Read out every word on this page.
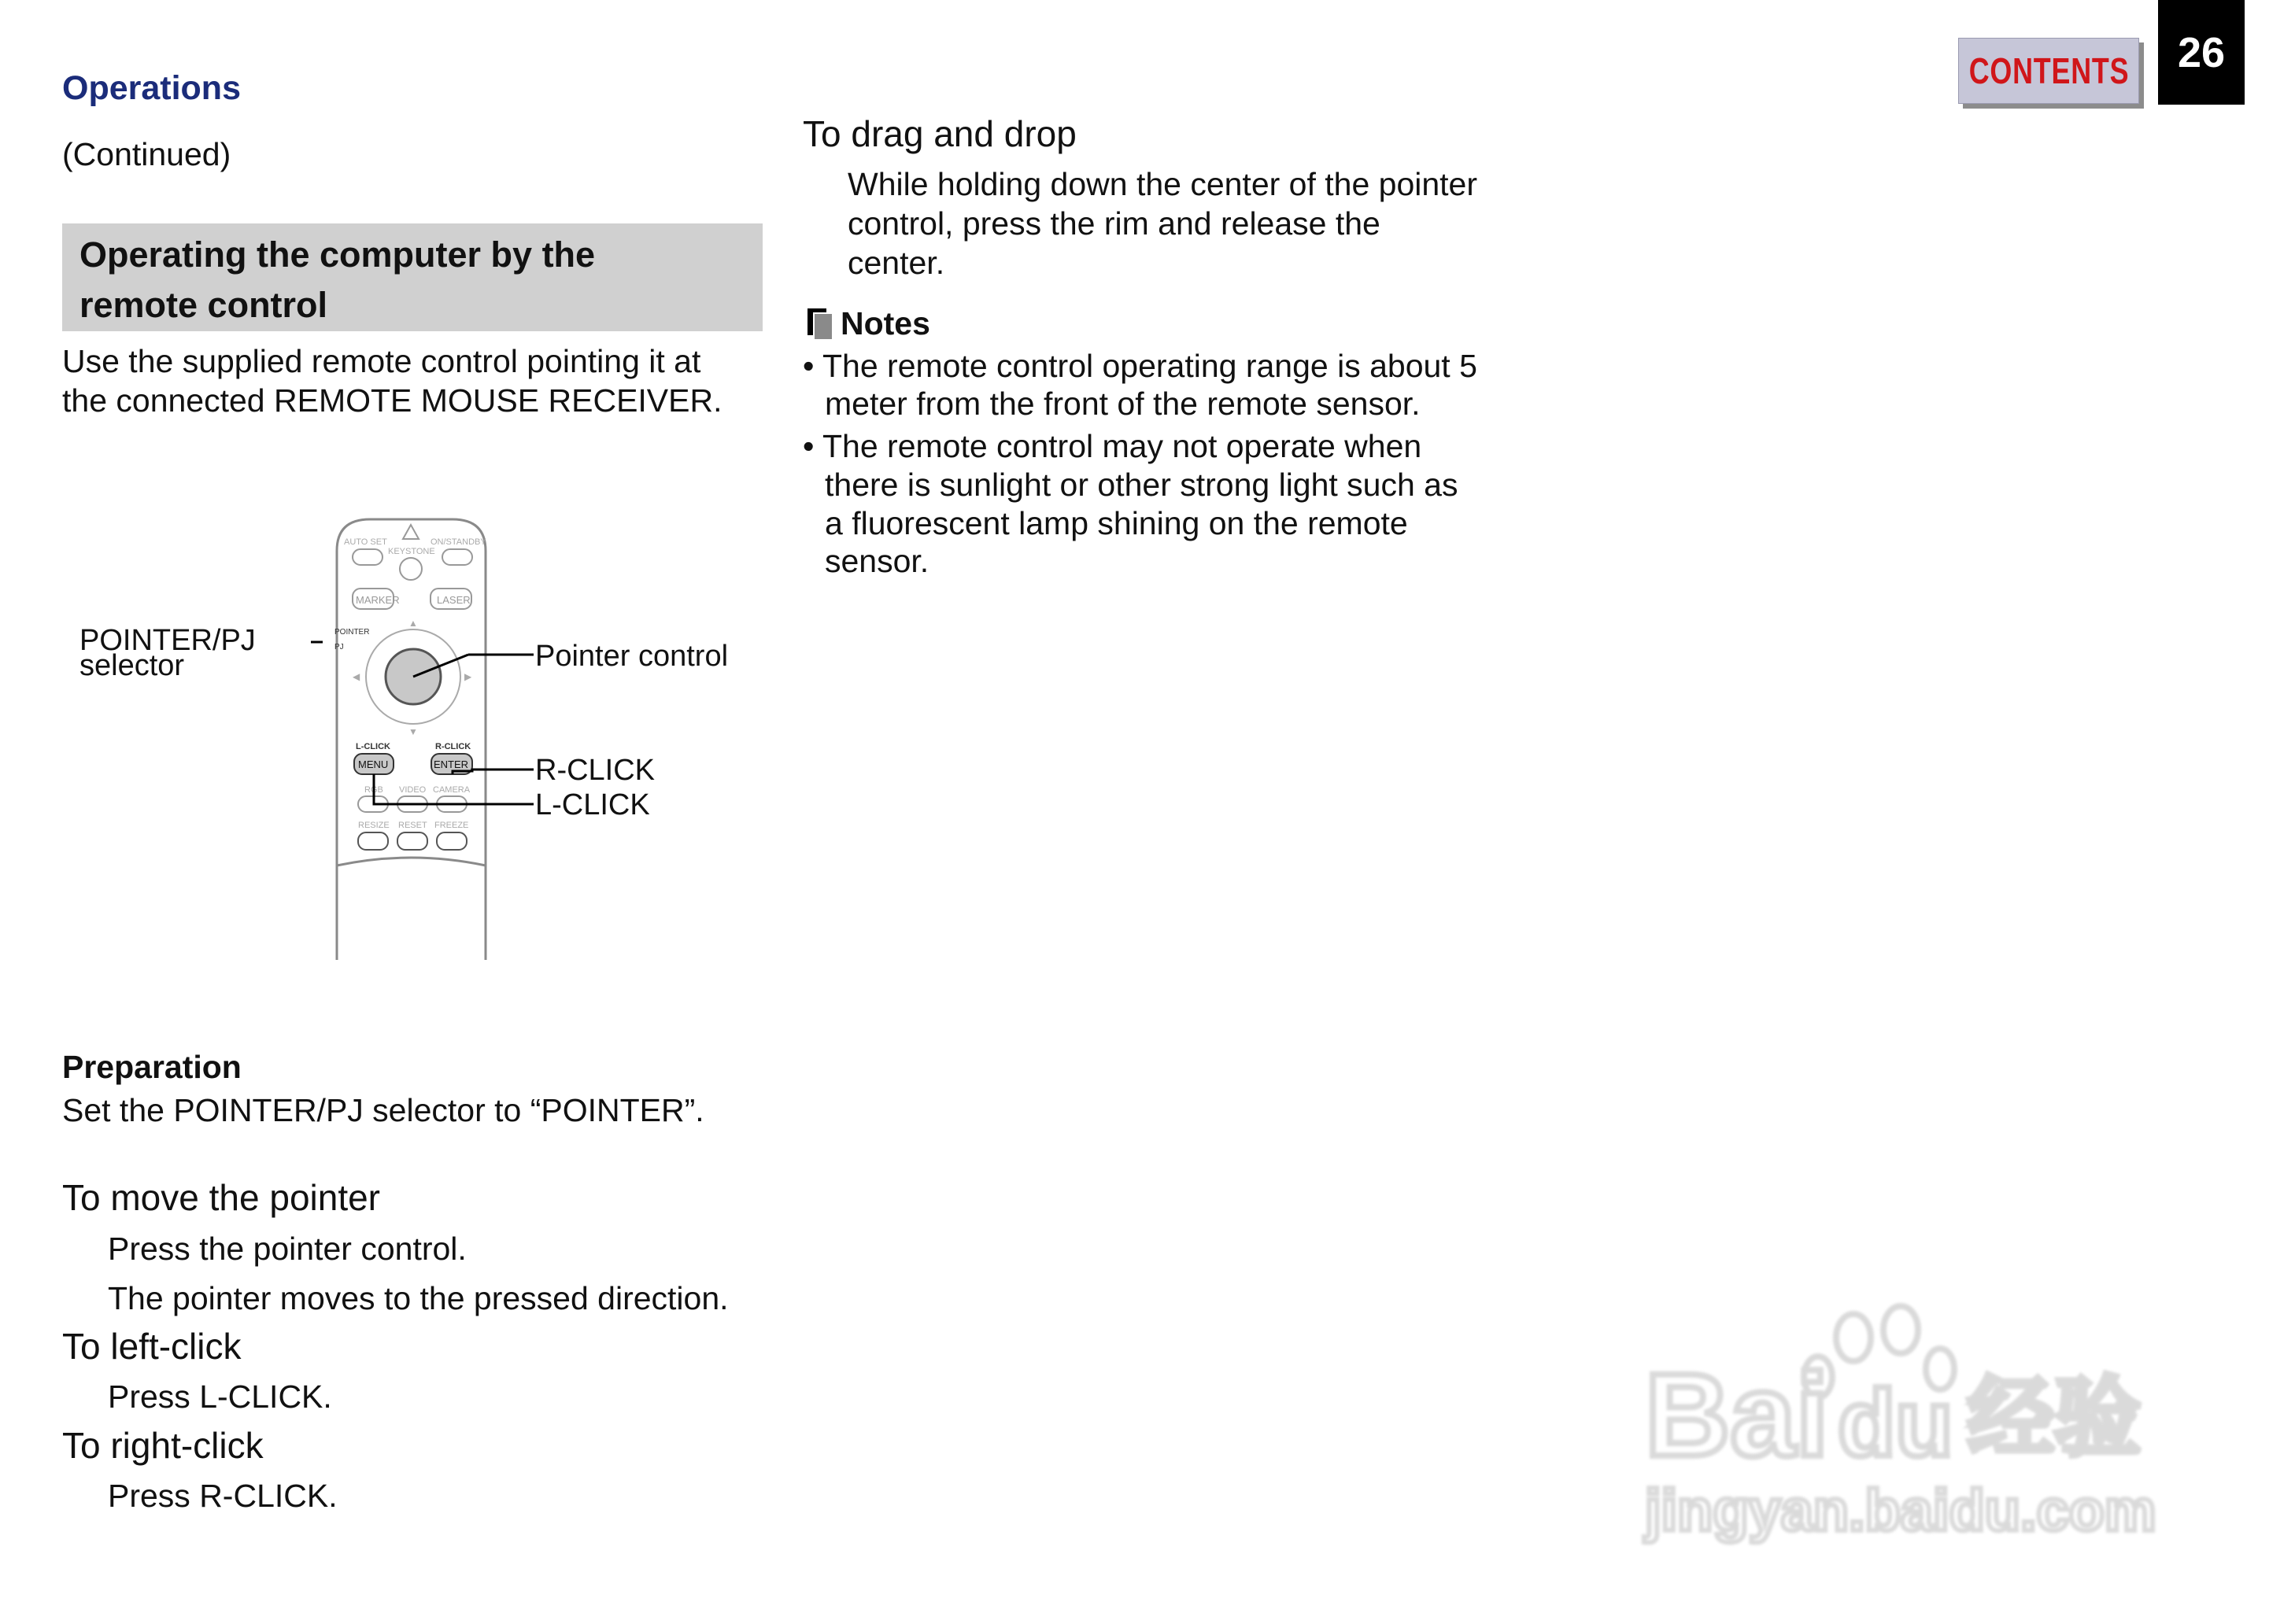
Operations	CONTENTS	26
(Continued)
Operating the computer by the
remote control
Use the supplied remote control pointing it at
the connected REMOTE MOUSE RECEIVER.
AUTO SET
KEYSTONE
ON/STANDBY
MARKER	LASER
POINTER
PJ
▲
▼
◀	▶
L-CLICK	R-CLICK
MENU	ENTER
RGB VIDEO CAMERA
RESIZE RESET FREEZE
POINTER/PJ
selector	Pointer control
R-CLICK
L-CLICK
Preparation
Set the POINTER/PJ selector to “POINTER”.
To move the pointer
Press the pointer control.
The pointer moves to the pressed direction.
To left-click
Press L-CLICK.
To right-click
Press R-CLICK.
To drag and drop
While holding down the center of the pointer
control, press the rim and release the
center.
Notes
• The remote control operating range is about 5
meter from the front of the remote sensor.
• The remote control may not operate when
there is sunlight or other strong light such as
a fluorescent lamp shining on the remote
sensor.
Bai du 经验
jingyan.baidu.com
